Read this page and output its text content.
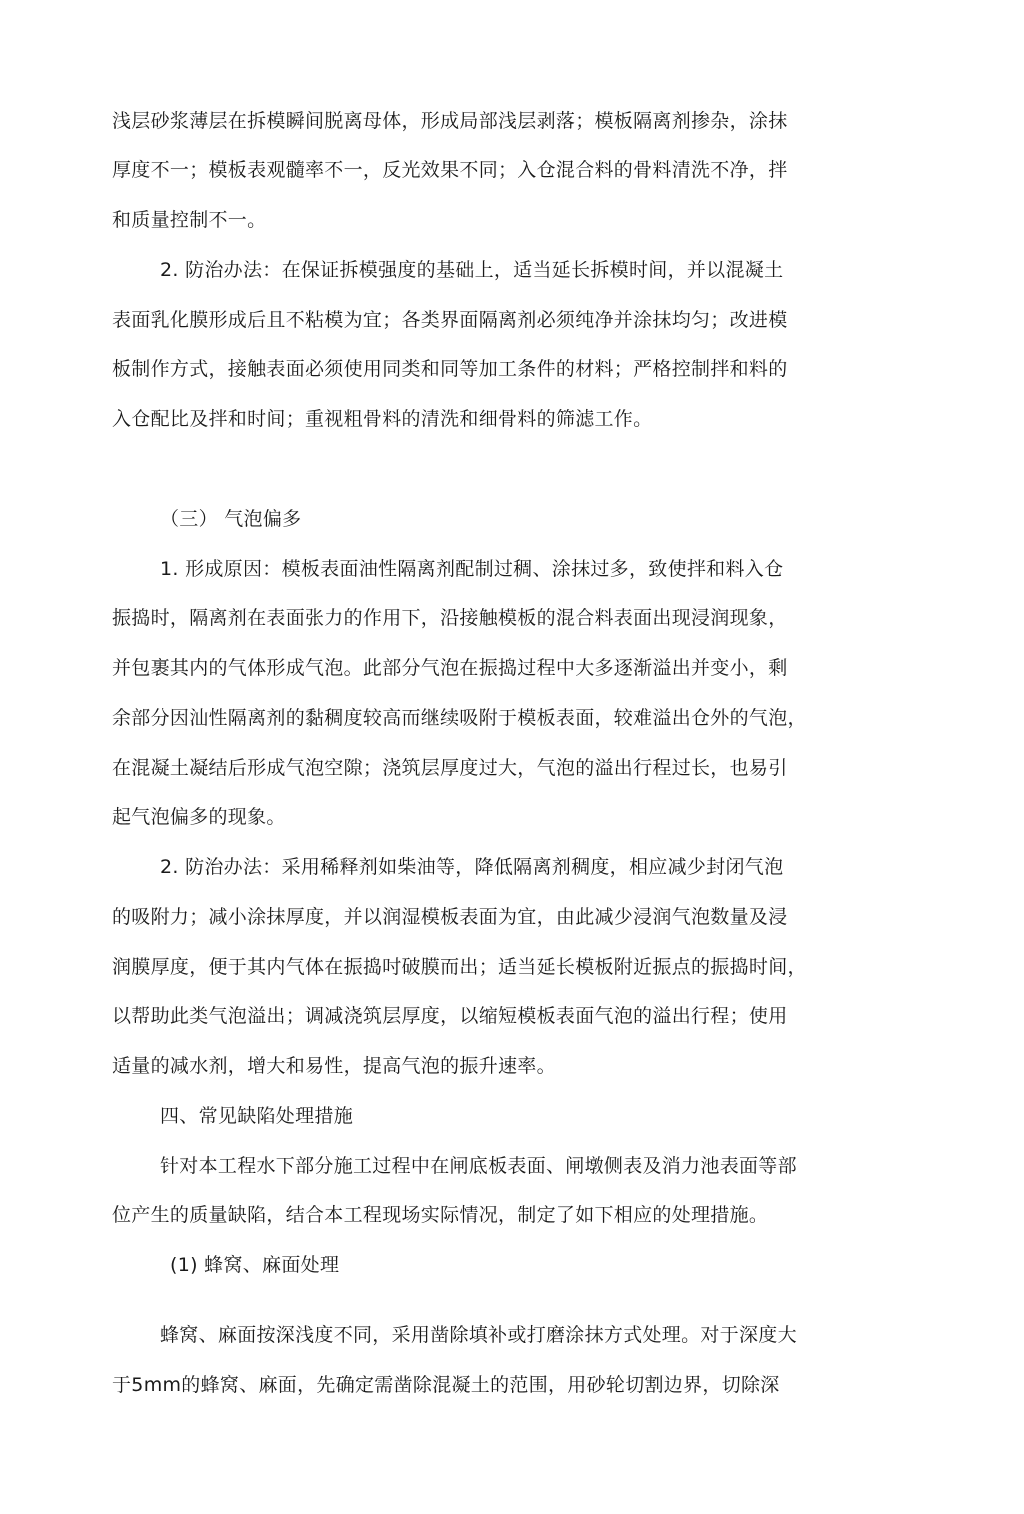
浅层砂浆薄层在拆模瞬间脱离母体，形成局部浅层剥落；模板隔离剂掺杂，涂抹
厚度不一；模板表观髓率不一，反光效果不同；入仓混合料的骨料清洗不净，拌
和质量控制不一。
2. 防治办法：在保证拆模强度的基础上，适当延长拆模时间，并以混凝土
表面乳化膜形成后且不粘模为宜；各类界面隔离剂必须纯净并涂抹均匀；改进模
板制作方式，接触表面必须使用同类和同等加工条件的材料；严格控制拌和料的
入仓配比及拌和时间；重视粗骨料的清洗和细骨料的筛滤工作。
（三） 气泡偏多
1. 形成原因：模板表面油性隔离剂配制过稠、涂抹过多，致使拌和料入仓
振捣时，隔离剂在表面张力的作用下，沿接触模板的混合料表面出现浸润现象，
并包裹其内的气体形成气泡。此部分气泡在振捣过程中大多逐渐溢出并变小，剩
余部分因汕性隔离剂的黏稠度较高而继续吸附于模板表面，较难溢出仓外的气泡，
在混凝土凝结后形成气泡空隙；浇筑层厚度过大，气泡的溢出行程过长，也易引
起气泡偏多的现象。
2. 防治办法：采用稀释剂如柴油等，降低隔离剂稠度，相应减少封闭气泡
的吸附力；减小涂抹厚度，并以润湿模板表面为宜，由此减少浸润气泡数量及浸
润膜厚度，便于其内气体在振捣吋破膜而出；适当延长模板附近振点的振捣时间，
以帮助此类气泡溢出；调减浇筑层厚度，以缩短模板表面气泡的溢出行程；使用
适量的减水剂，增大和易性，提高气泡的振升速率。
四、常见缺陷处理措施
针对本工程水下部分施工过程中在闸底板表面、闸墩侧表及消力池表面等部
位产生的质量缺陷，结合本工程现场实际情况，制定了如下相应的处理措施。
(1) 蜂窝、麻面处理
蜂窝、麻面按深浅度不同，采用凿除填补或打磨涂抹方式处理。对于深度大
于5mm的蜂窝、麻面，先确定需凿除混凝土的范围，用砂轮切割边界，切除深
